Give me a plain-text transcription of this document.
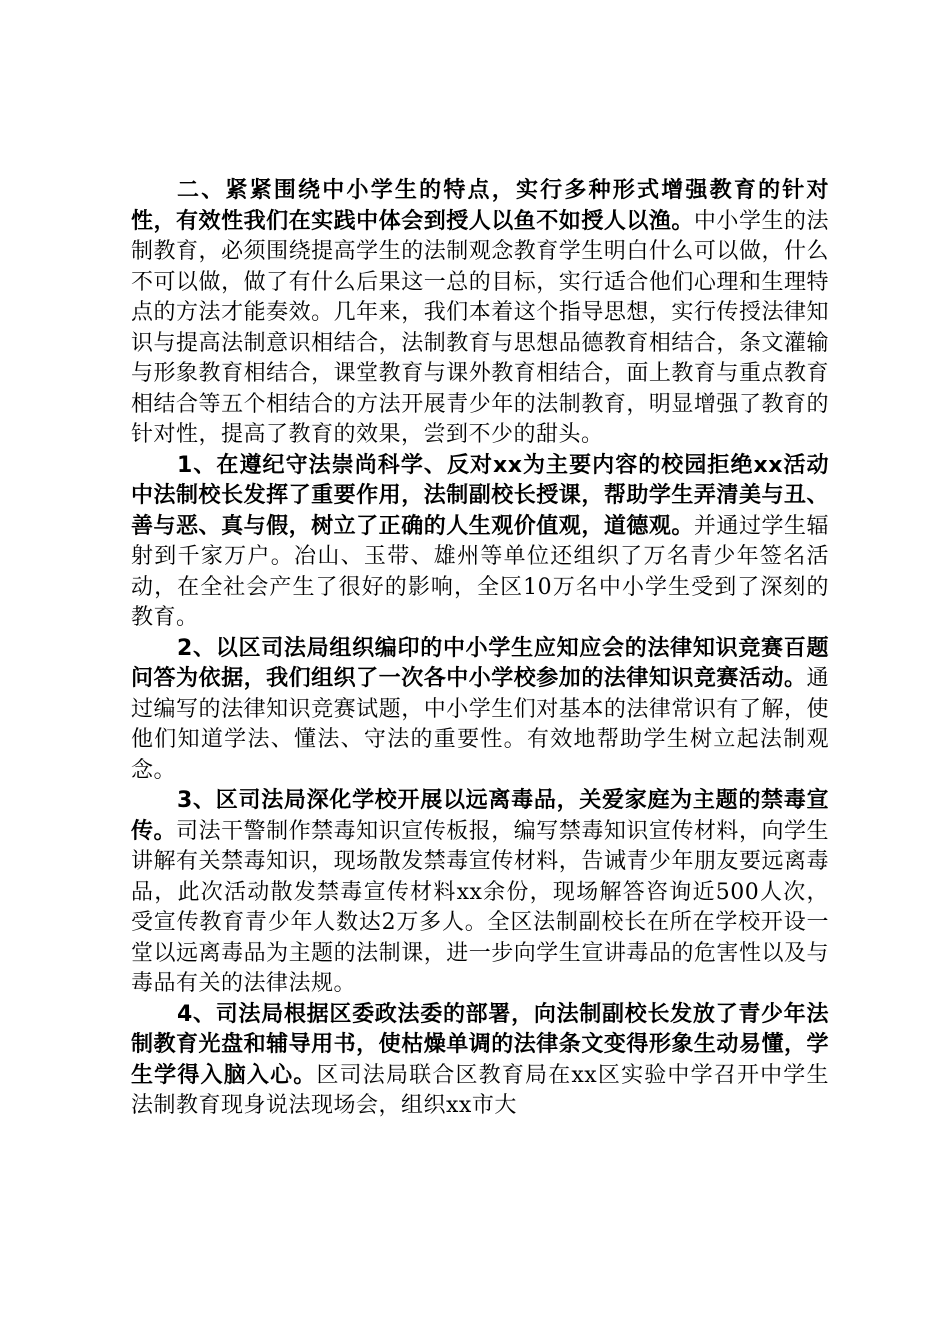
二、紧紧围绕中小学生的特点，实行多种形式增强教育的针对性，有效性我们在实践中体会到授人以鱼不如授人以渔。中小学生的法制教育，必须围绕提高学生的法制观念教育学生明白什么可以做，什么不可以做，做了有什么后果这一总的目标，实行适合他们心理和生理特点的方法才能奏效。几年来，我们本着这个指导思想，实行传授法律知识与提高法制意识相结合，法制教育与思想品德教育相结合，条文灌输与形象教育相结合，课堂教育与课外教育相结合，面上教育与重点教育相结合等五个相结合的方法开展青少年的法制教育，明显增强了教育的针对性，提高了教育的效果，尝到不少的甜头。

1、在遵纪守法崇尚科学、反对xx为主要内容的校园拒绝xx活动中法制校长发挥了重要作用，法制副校长授课，帮助学生弄清美与丑、善与恶、真与假，树立了正确的人生观价值观，道德观。并通过学生辐射到千家万户。冶山、玉带、雄州等单位还组织了万名青少年签名活动，在全社会产生了很好的影响，全区10万名中小学生受到了深刻的教育。

2、以区司法局组织编印的中小学生应知应会的法律知识竞赛百题问答为依据，我们组织了一次各中小学校参加的法律知识竞赛活动。通过编写的法律知识竞赛试题，中小学生们对基本的法律常识有了解，使他们知道学法、懂法、守法的重要性。有效地帮助学生树立起法制观念。

3、区司法局深化学校开展以远离毒品，关爱家庭为主题的禁毒宣传。司法干警制作禁毒知识宣传板报，编写禁毒知识宣传材料，向学生讲解有关禁毒知识，现场散发禁毒宣传材料，告诫青少年朋友要远离毒品，此次活动散发禁毒宣传材料xx余份，现场解答咨询近500人次，受宣传教育青少年人数达2万多人。全区法制副校长在所在学校开设一堂以远离毒品为主题的法制课，进一步向学生宣讲毒品的危害性以及与毒品有关的法律法规。

4、司法局根据区委政法委的部署，向法制副校长发放了青少年法制教育光盘和辅导用书，使枯燥单调的法律条文变得形象生动易懂，学生学得入脑入心。区司法局联合区教育局在xx区实验中学召开中学生法制教育现身说法现场会，组织xx市大
